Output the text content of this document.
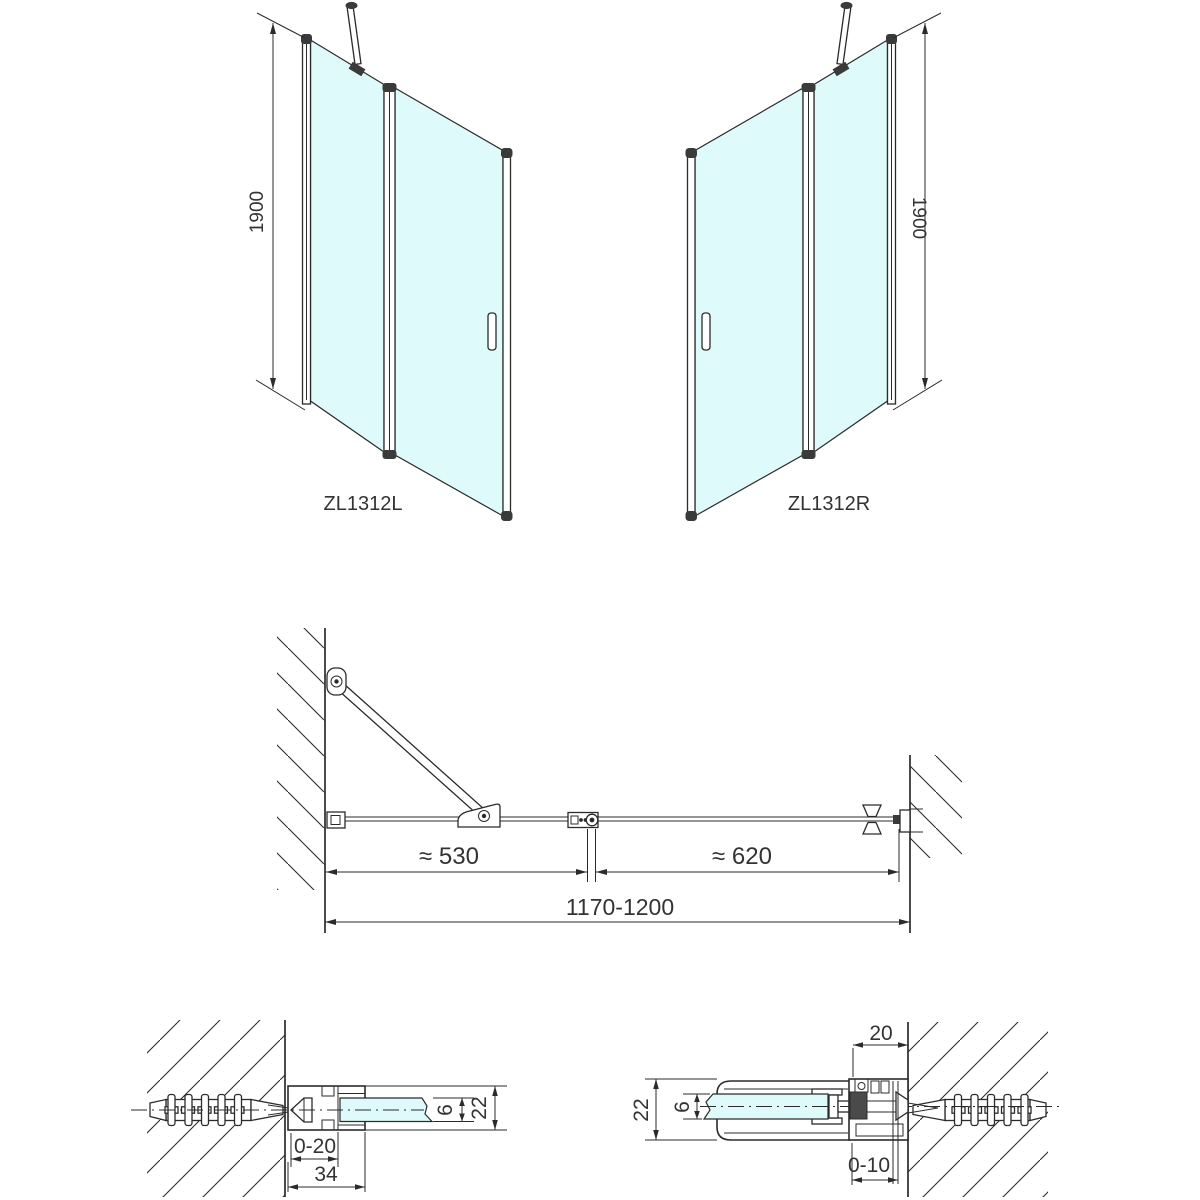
1900
ZL1312L
1900
ZL1312R
≈ 530	≈ 620
1170-1200
6 22
0-20
34
20
22 6
0-10
